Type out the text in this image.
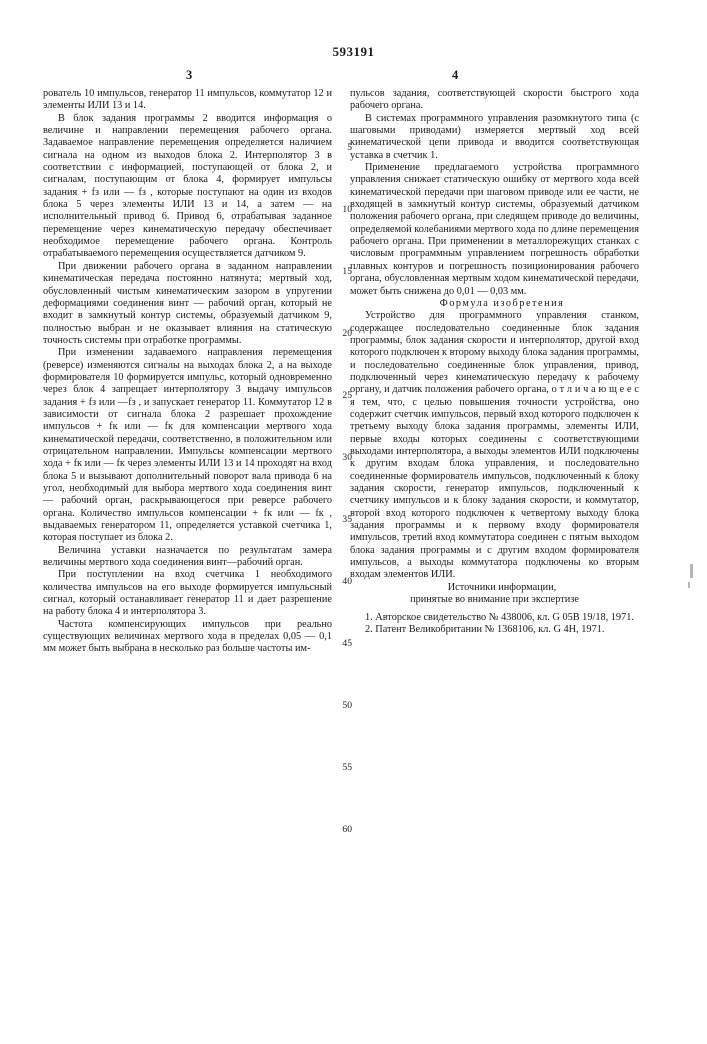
593191
3	4
5
10
15
20
25
30
35
40
45
50
55
60

рователь 10 импульсов, генератор 11 импульсов, коммутатор 12 и элементы ИЛИ 13 и 14.

В блок задания программы 2 вводится информация о величине и направлении перемещения рабочего органа. Задаваемое направление перемещения определяется наличием сигнала на одном из выходов блока 2. Интерполятор 3 в соответствии с информацией, поступающей от блока 2, и сигналам, поступающим от блока 4, формирует импульсы задания + fз или — fз , которые поступают на один из входов блока 5 через элементы ИЛИ 13 и 14, а затем — на исполнительный привод 6. Привод 6, отрабатывая заданное перемещение через кинематическую передачу обеспечивает необходимое перемещение рабочего органа. Контроль отрабатываемого перемещения осуществляется датчиком 9.

При движении рабочего органа в заданном направлении кинематическая передача постоянно натянута; мертвый ход, обусловленный чистым кинематическим зазором в упругении деформациями соединения винт — рабочий орган, который не входит в замкнутый контур системы, образуемый датчиком 9, полностью выбран и не оказывает влияния на статическую точность системы при отработке программы.

При изменении задаваемого направления перемещения (реверсе) изменяются сигналы на выходах блока 2, а на выходе формирователя 10 формируется импульс, который одновременно через блок 4 запрещает интерполятору 3 выдачу импульсов задания + fз или —fз , и запускает генератор 11. Коммутатор 12 в зависимости от сигнала блока 2 разрешает прохождение импульсов + fк или — fк для компенсации мертвого хода кинематической передачи, соответственно, в положительном или отрицательном направлении. Импульсы компенсации мертвого хода + fк или — fк через элементы ИЛИ 13 и 14 проходят на вход блока 5 и вызывают дополнительный поворот вала привода 6 на угол, необходимый для выбора мертвого хода соединения винт — рабочий орган, раскрывающегося при реверсе рабочего органа. Количество импульсов компенсации + fк или — fк , выдаваемых генератором 11, определяется уставкой счетчика 1, которая поступает из блока 2.

Величина уставки назначается по результатам замера величины мертвого хода соединения винт—рабочий орган.

При поступлении на вход счетчика 1 необходимого количества импульсов на его выходе формируется импульсный сигнал, который останавливает генератор 11 и дает разрешение на работу блока 4 и интерполятора 3.

Частота компенсирующих импульсов при реально существующих величинах мертвого хода в пределах 0,05 — 0,1 мм может быть выбрана в несколько раз больше частоты им-

пульсов задания, соответствующей скорости быстрого хода рабочего органа.

В системах программного управления разомкнутого типа (с шаговыми приводами) измеряется мертвый ход всей кинематической цепи привода и вводится соответствующая уставка в счетчик 1.

Применение предлагаемого устройства программного управления снижает статическую ошибку от мертвого хода всей кинематической передачи при шаговом приводе или ее части, не входящей в замкнутый контур системы, образуемый датчиком положения рабочего органа, при следящем приводе до величины, определяемой колебаниями мертвого хода по длине перемещения рабочего органа. При применении в металлорежущих станках с числовым программным управлением погрешность обработки плавных контуров и погрешность позиционирования рабочего органа, обусловленная мертвым ходом кинематической передачи, может быть снижена до 0,01 — 0,03 мм.

Формула изобретения

Устройство для программного управления станком, содержащее последовательно соединенные блок задания программы, блок задания скорости и интерполятор, другой вход которого подключен к второму выходу блока задания программы, и последовательно соединенные блок управления, привод, подключенный через кинематическую передачу к рабочему органу, и датчик положения рабочего органа, о т л и ч а ю щ е е с я тем, что, с целью повышения точности устройства, оно содержит счетчик импульсов, первый вход которого подключен к третьему выходу блока задания программы, элементы ИЛИ, первые входы которых соединены с соответствующими выходами интерполятора, а выходы элементов ИЛИ подключены к другим входам блока управления, и последовательно соединенные формирователь импульсов, подключенный к блоку задания скорости, генератор импульсов, подключенный к счетчику импульсов и к блоку задания скорости, и коммутатор, второй вход которого подключен к четвертому выходу блока задания программы и к первому входу формирователя импульсов, третий вход коммутатора соединен с пятым выходом блока задания программы и с другим входом формирователя импульсов, а выходы коммутатора подключены ко вторым входам элементов ИЛИ.

Источники информации,

принятые во внимание при экспертизе

1. Авторское свидетельство № 438006, кл. G 05B 19/18, 1971.

2. Патент Великобритании № 1368106, кл. G 4H, 1971.
